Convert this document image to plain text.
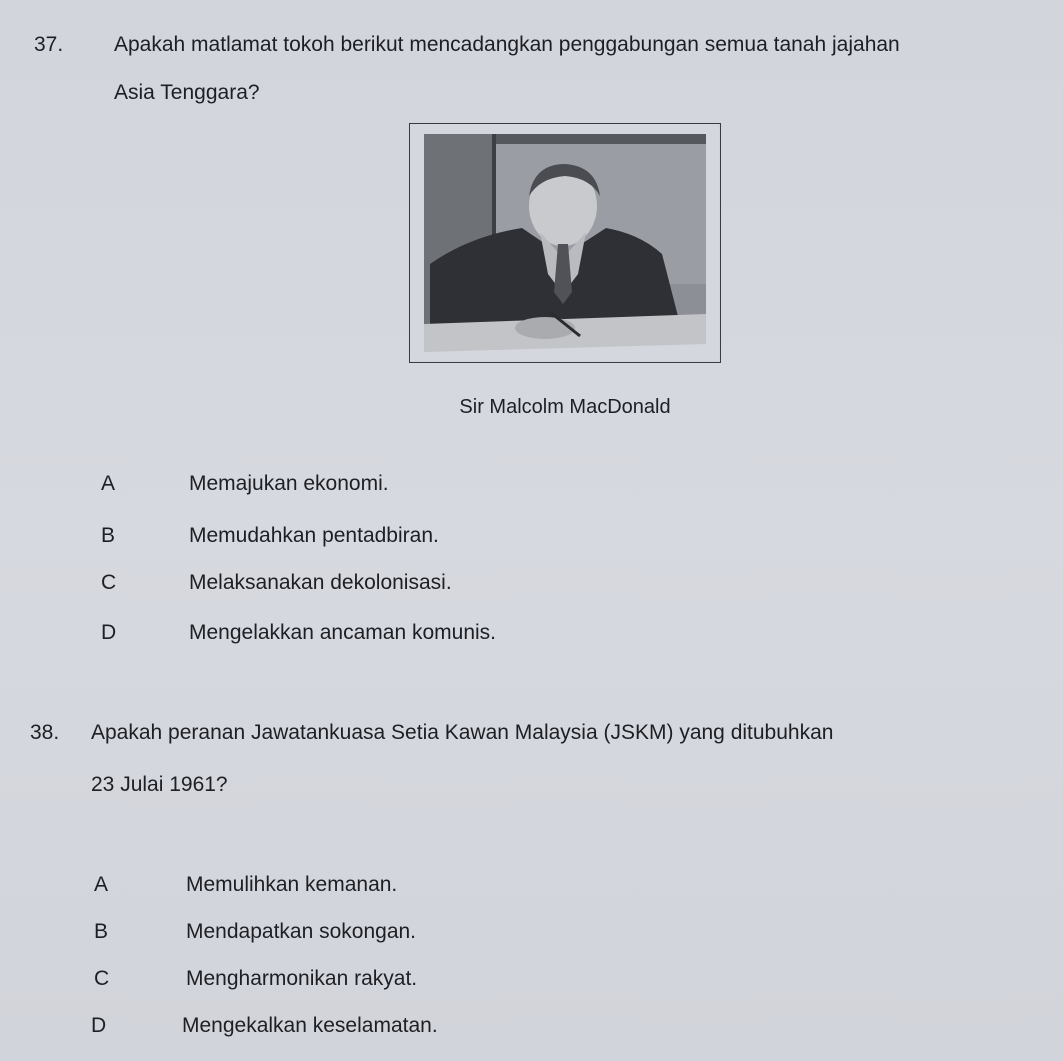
37. Apakah matlamat tokoh berikut mencadangkan penggabungan semua tanah jajahan
Asia Tenggara?
Sir Malcolm MacDonald
A	Memajukan ekonomi.
B	Memudahkan pentadbiran.
C	Melaksanakan dekolonisasi.
D	Mengelakkan ancaman komunis.
38. Apakah peranan Jawatankuasa Setia Kawan Malaysia (JSKM) yang ditubuhkan
23 Julai 1961?
A	Memulihkan kemanan.
B	Mendapatkan sokongan.
C	Mengharmonikan rakyat.
D	Mengekalkan keselamatan.
